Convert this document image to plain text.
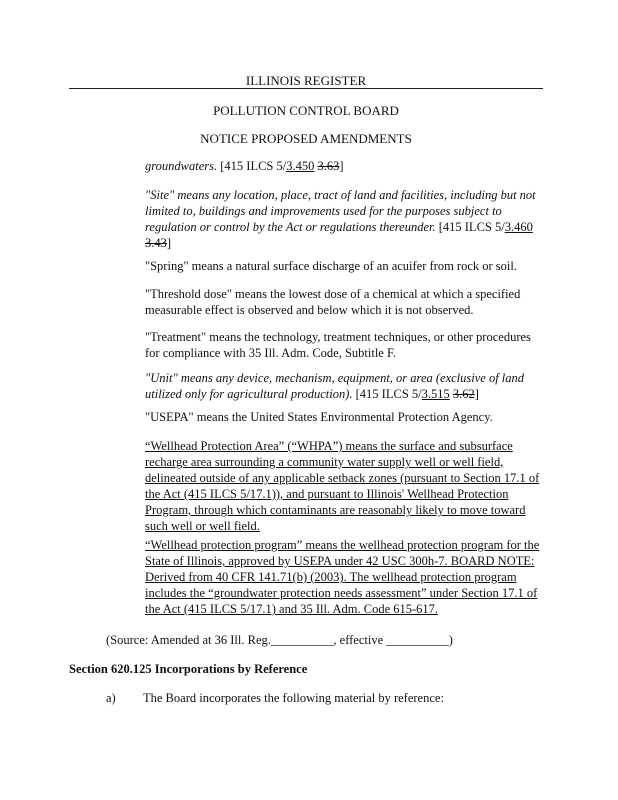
ILLINOIS REGISTER
POLLUTION CONTROL BOARD
NOTICE PROPOSED AMENDMENTS

groundwaters. [415 ILCS 5/3.450 3.63]

"Site" means any location, place, tract of land and facilities, including but not limited to, buildings and improvements used for the purposes subject to regulation or control by the Act or regulations thereunder. [415 ILCS 5/3.460 3.43]

"Spring" means a natural surface discharge of an acuifer from rock or soil.

"Threshold dose" means the lowest dose of a chemical at which a specified measurable effect is observed and below which it is not observed.

"Treatment" means the technology, treatment techniques, or other procedures for compliance with 35 Ill. Adm. Code, Subtitle F.

"Unit" means any device, mechanism, equipment, or area (exclusive of land utilized only for agricultural production). [415 ILCS 5/3.515 3.62]

"USEPA" means the United States Environmental Protection Agency.

“Wellhead Protection Area” (“WHPA”) means the surface and subsurface recharge area surrounding a community water supply well or well field, delineated outside of any applicable setback zones (pursuant to Section 17.1 of the Act (415 ILCS 5/17.1)), and pursuant to Illinois' Wellhead Protection Program, through which contaminants are reasonably likely to move toward such well or well field.

“Wellhead protection program” means the wellhead protection program for the State of Illinois, approved by USEPA under 42 USC 300h-7. BOARD NOTE: Derived from 40 CFR 141.71(b) (2003). The wellhead protection program includes the “groundwater protection needs assessment” under Section 17.1 of the Act (415 ILCS 5/17.1) and 35 Ill. Adm. Code 615-617.

(Source: Amended at 36 Ill. Reg.__________, effective __________)
Section 620.125 Incorporations by Reference
a) The Board incorporates the following material by reference:
